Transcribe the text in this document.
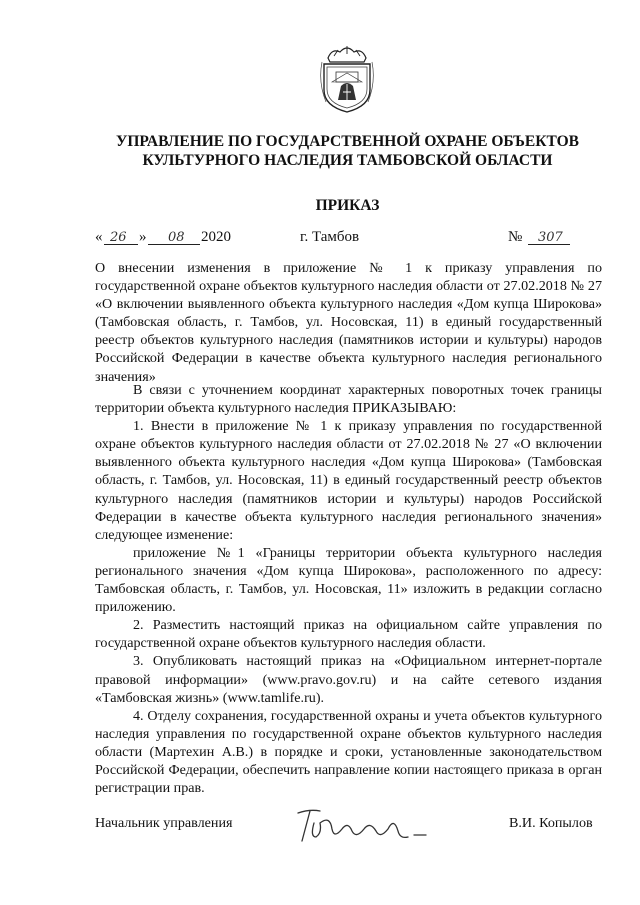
УПРАВЛЕНИЕ ПО ГОСУДАРСТВЕННОЙ ОХРАНЕ ОБЪЕКТОВ
КУЛЬТУРНОГО НАСЛЕДИЯ ТАМБОВСКОЙ ОБЛАСТИ
ПРИКАЗ
« 26 » 08 2020	г. Тамбов	№ 307

О внесении изменения в приложение № 1 к приказу управления по государственной охране объектов культурного наследия области от 27.02.2018 № 27 «О включении выявленного объекта культурного наследия «Дом купца Широкова» (Тамбовская область, г. Тамбов, ул. Носовская, 11) в единый государственный реестр объектов культурного наследия (памятников истории и культуры) народов Российской Федерации в качестве объекта культурного наследия регионального значения»

В связи с уточнением координат характерных поворотных точек границы территории объекта культурного наследия ПРИКАЗЫВАЮ:

1. Внести в приложение № 1 к приказу управления по государственной охране объектов культурного наследия области от 27.02.2018 № 27 «О включении выявленного объекта культурного наследия «Дом купца Широкова» (Тамбовская область, г. Тамбов, ул. Носовская, 11) в единый государственный реестр объектов культурного наследия (памятников истории и культуры) народов Российской Федерации в качестве объекта культурного наследия регионального значения» следующее изменение:

приложение №1 «Границы территории объекта культурного наследия регионального значения «Дом купца Широкова», расположенного по адресу: Тамбовская область, г. Тамбов, ул. Носовская, 11» изложить в редакции согласно приложению.

2. Разместить настоящий приказ на официальном сайте управления по государственной охране объектов культурного наследия области.

3. Опубликовать настоящий приказ на «Официальном интернет-портале правовой информации» (www.pravo.gov.ru) и на сайте сетевого издания «Тамбовская жизнь» (www.tamlife.ru).

4. Отделу сохранения, государственной охраны и учета объектов культурного наследия управления по государственной охране объектов культурного наследия области (Мартехин А.В.) в порядке и сроки, установленные законодательством Российской Федерации, обеспечить направление копии настоящего приказа в орган регистрации прав.

Начальник управления	В.И. Копылов
